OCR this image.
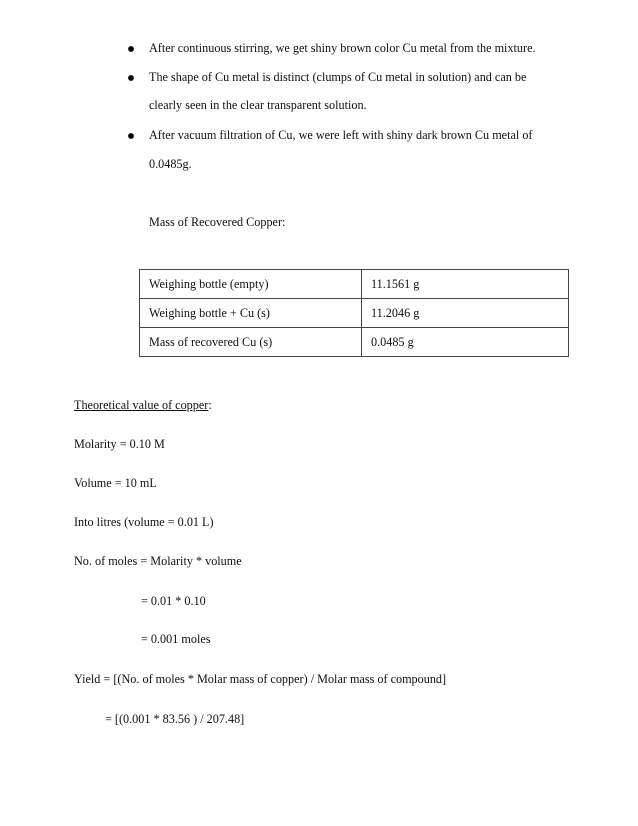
After continuous stirring, we get shiny brown color Cu metal from the mixture.
The shape of Cu metal is distinct (clumps of Cu metal in solution) and can be
clearly seen in the clear transparent solution.
After vacuum filtration of Cu, we were left with shiny dark brown Cu metal of
0.0485g.
Mass of Recovered Copper:
Weighing bottle (empty)	11.1561 g
Weighing bottle + Cu (s)	11.2046 g
Mass of recovered Cu (s)	0.0485 g
Theoretical value of copper:
Molarity = 0.10 M
Volume = 10 mL
Into litres (volume = 0.01 L)
No. of moles = Molarity * volume
= 0.01 * 0.10
= 0.001 moles
Yield = [(No. of moles * Molar mass of copper) / Molar mass of compound]
= [(0.001 * 83.56 ) / 207.48]
